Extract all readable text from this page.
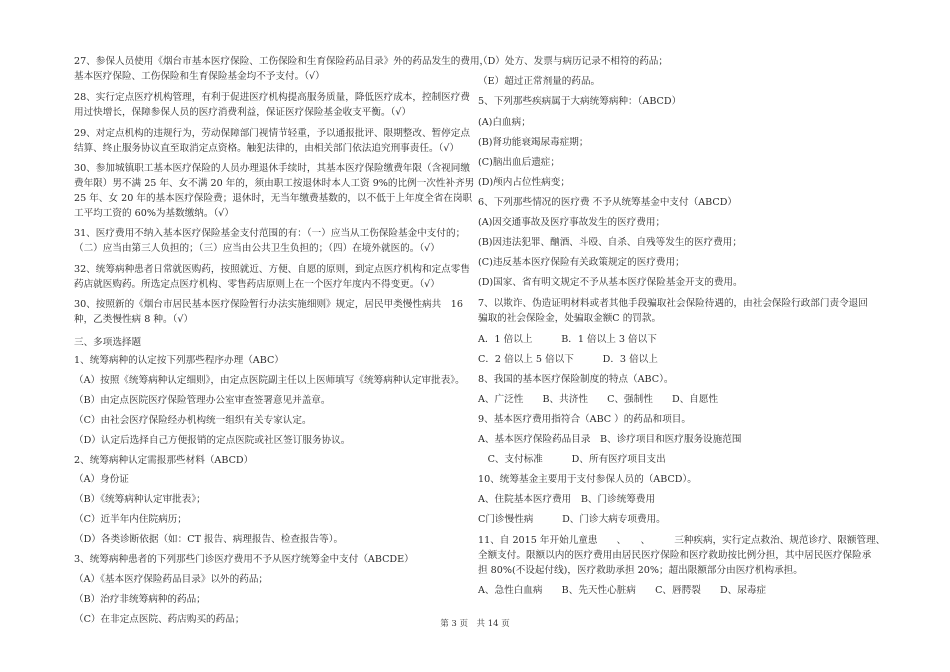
27、参保人员使用《烟台市基本医疗保险、工伤保险和生育保险药品目录》外的药品发生的费用，
基本医疗保险、工伤保险和生育保险基金均不予支付。（√）
28、实行定点医疗机构管理，有利于促进医疗机构提高服务质量，降低医疗成本，控制医疗费
用过快增长，保障参保人员的医疗消费利益，保证医疗保险基金收支平衡。（√）
29、对定点机构的违规行为，劳动保障部门视情节轻重，予以通报批评、限期整改、暂停定点
结算、终止服务协议直至取消定点资格。触犯法律的，由相关部门依法追究刑事责任。（√）
30、参加城镇职工基本医疗保险的人员办理退休手续时，其基本医疗保险缴费年限（含视同缴
费年限）男不满 25 年、女不满 20 年的，须由职工按退休时本人工资 9%的比例一次性补齐男
25 年、女 20 年的基本医疗保险费；退休时，无当年缴费基数的，以不低于上年度全省在岗职
工平均工资的 60%为基数缴纳。（√）
31、医疗费用不纳入基本医疗保险基金支付范围的有：（一）应当从工伤保险基金中支付的；
（二）应当由第三人负担的；（三）应当由公共卫生负担的；（四）在境外就医的。（√）
32、统筹病种患者日常就医购药，按照就近、方便、自愿的原则，到定点医疗机构和定点零售
药店就医购药。所选定点医疗机构、零售药店原则上在一个医疗年度内不得变更。（√）
30、按照新的《烟台市居民基本医疗保险暂行办法实施细则》规定，居民甲类慢性病共　16
种，乙类慢性病 8 种。（√）
三、多项选择题
1、统筹病种的认定按下列那些程序办理（ABC）
（A）按照《统筹病种认定细则》，由定点医院副主任以上医师填写《统筹病种认定审批表》。
（B）由定点医院医疗保险管理办公室审查签署意见并盖章。
（C）由社会医疗保险经办机构统一组织有关专家认定。
（D）认定后选择自己方便报销的定点医院或社区签订服务协议。
2、统筹病种认定需报那些材料（ABCD）
（A）身份证
（B）《统筹病种认定审批表》；
（C）近半年内住院病历；
（D）各类诊断依据（如：CT 报告、病理报告、检查报告等）。
3、统筹病种患者的下列那些门诊医疗费用不予从医疗统筹金中支付（ABCDE）
（A）《基本医疗保险药品目录》以外的药品；
（B）治疗非统筹病种的药品；
（C）在非定点医院、药店购买的药品；
（D）处方、发票与病历记录不相符的药品；
（E）超过正常剂量的药品。
5、下列那些疾病属于大病统筹病种：（ABCD）
(A)白血病；
(B)肾功能衰竭尿毒症期；
(C)脑出血后遗症；
(D)颅内占位性病变；
6、下列那些情况的医疗费 不予从统筹基金中支付（ABCD）
(A)因交通事故及医疗事故发生的医疗费用；
(B)因违法犯罪、酗酒、斗殴、自杀、自残等发生的医疗费用；
(C)违反基本医疗保险有关政策规定的医疗费用；
(D)国家、省有明文规定不予从基本医疗保险基金开支的费用。
7、以欺诈、伪造证明材料或者其他手段骗取社会保险待遇的，由社会保险行政部门责令退回
骗取的社会保险金，处骗取金额C 的罚款。
A．1 倍以上　　　B．1 倍以上 3 倍以下
C．2 倍以上 5 倍以下　　　D．3 倍以上
8、我国的基本医疗保险制度的特点（ABC）。
A、广泛性　　B、共济性　　C、强制性　　D、自愿性
9、基本医疗费用指符合（ABC ）的药品和项目。
A、基本医疗保险药品目录　B、诊疗项目和医疗服务设施范围
　C、支付标准　　　D、所有医疗项目支出
10、统筹基金主要用于支付参保人员的（ABCD）。
A、住院基本医疗费用　B、门诊统筹费用
C门诊慢性病　　　D、门诊大病专项费用。
11、自 2015 年开始儿童患　　、　　、　　　三种疾病，实行定点救治、规范诊疗、限额管理、
全额支付。限额以内的医疗费用由居民医疗保险和医疗救助按比例分担，其中居民医疗保险承
担 80%(不设起付线)，医疗救助承担 20%；超出限额部分由医疗机构承担。
A、急性白血病　　B、先天性心脏病　　C、唇腭裂　　D、尿毒症
第 3 页　共 14 页
